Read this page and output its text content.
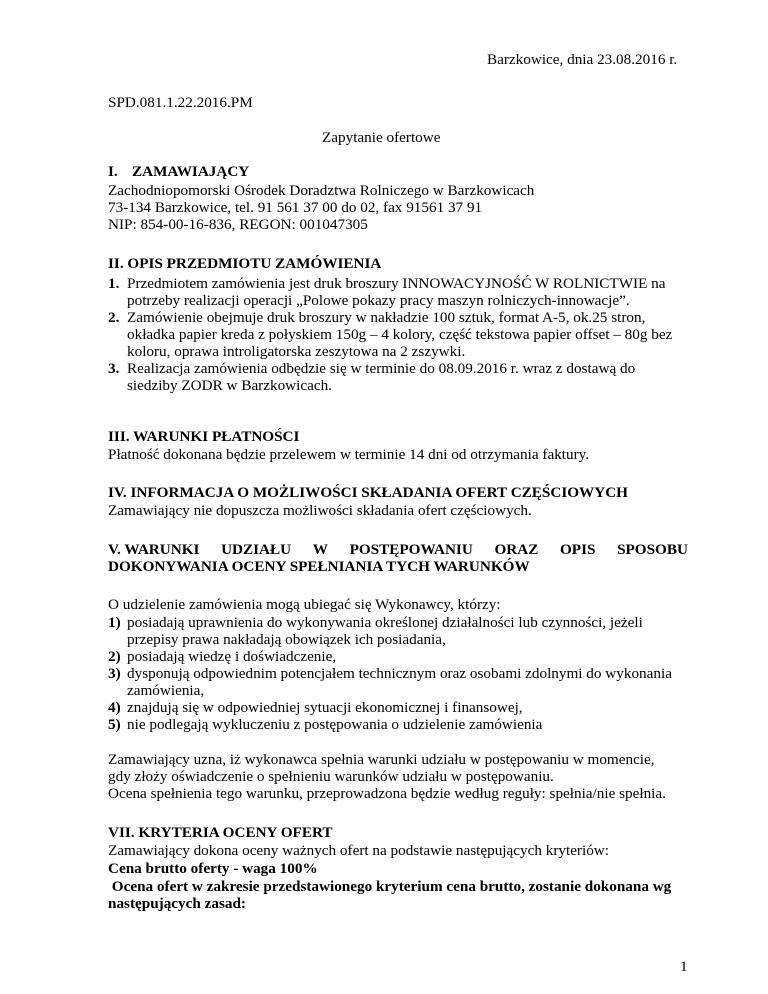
Barzkowice, dnia 23.08.2016 r.
SPD.081.1.22.2016.PM
Zapytanie ofertowe
I. ZAMAWIAJĄCY
Zachodniopomorski Ośrodek Doradztwa Rolniczego w Barzkowicach
73-134 Barzkowice, tel. 91 561 37 00 do 02, fax 91561 37 91
NIP: 854-00-16-836, REGON: 001047305
II. OPIS PRZEDMIOTU ZAMÓWIENIA
1. Przedmiotem zamówienia jest druk broszury INNOWACYJNOŚĆ W ROLNICTWIE na
potrzeby realizacji operacji „Polowe pokazy pracy maszyn rolniczych-innowacje”.
2. Zamówienie obejmuje druk broszury w nakładzie 100 sztuk, format A-5, ok.25 stron,
okładka papier kreda z połyskiem 150g – 4 kolory, część tekstowa papier offset – 80g bez
koloru, oprawa introligatorska zeszytowa na 2 zszywki.
3. Realizacja zamówienia odbędzie się w terminie do 08.09.2016 r. wraz z dostawą do
siedziby ZODR w Barzkowicach.
III. WARUNKI PŁATNOŚCI
Płatność dokonana będzie przelewem w terminie 14 dni od otrzymania faktury.
IV. INFORMACJA O MOŻLIWOŚCI SKŁADANIA OFERT CZĘŚCIOWYCH
Zamawiający nie dopuszcza możliwości składania ofert częściowych.
V. WARUNKI UDZIAŁU W POSTĘPOWANIU ORAZ OPIS SPOSOBU
DOKONYWANIA OCENY SPEŁNIANIA TYCH WARUNKÓW
O udzielenie zamówienia mogą ubiegać się Wykonawcy, którzy:
1) posiadają uprawnienia do wykonywania określonej działalności lub czynności, jeżeli
przepisy prawa nakładają obowiązek ich posiadania,
2) posiadają wiedzę i doświadczenie,
3) dysponują odpowiednim potencjałem technicznym oraz osobami zdolnymi do wykonania
zamówienia,
4) znajdują się w odpowiedniej sytuacji ekonomicznej i finansowej,
5) nie podlegają wykluczeniu z postępowania o udzielenie zamówienia
Zamawiający uzna, iż wykonawca spełnia warunki udziału w postępowaniu w momencie,
gdy złoży oświadczenie o spełnieniu warunków udziału w postępowaniu.
Ocena spełnienia tego warunku, przeprowadzona będzie według reguły: spełnia/nie spełnia.
VII. KRYTERIA OCENY OFERT
Zamawiający dokona oceny ważnych ofert na podstawie następujących kryteriów:
Cena brutto oferty - waga 100%
Ocena ofert w zakresie przedstawionego kryterium cena brutto, zostanie dokonana wg
następujących zasad:
1
